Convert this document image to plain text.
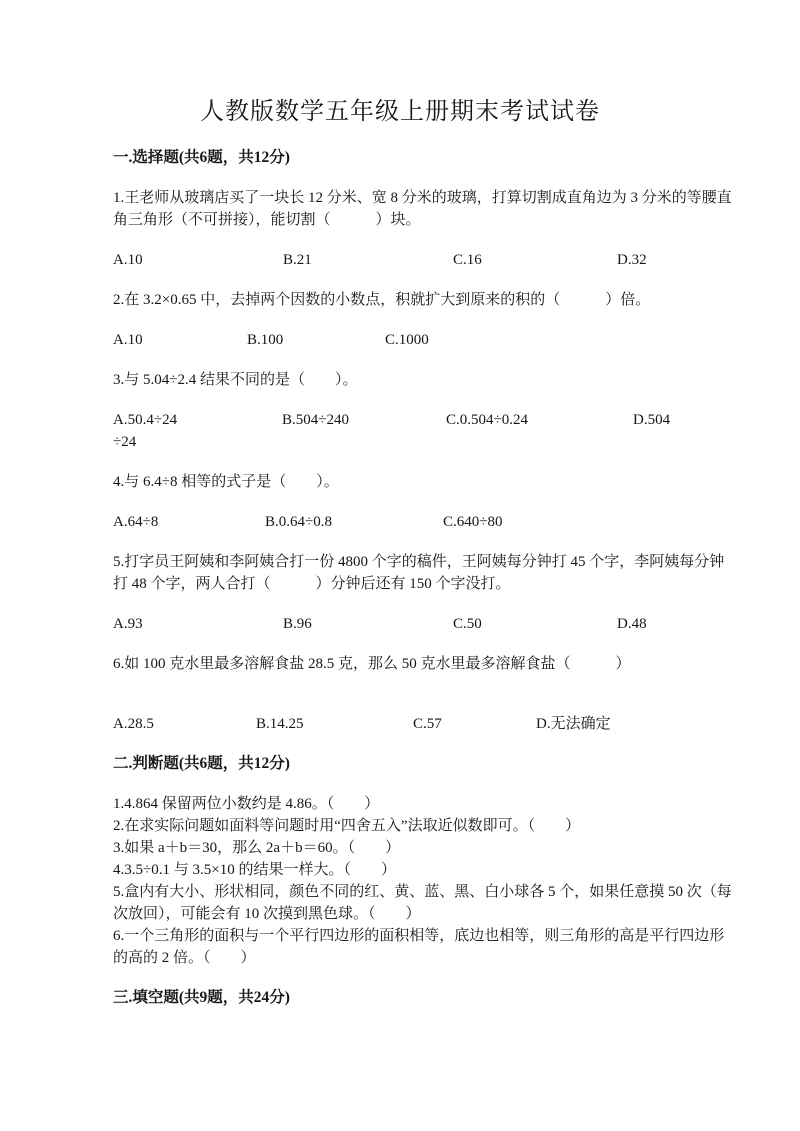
人教版数学五年级上册期末考试试卷
一.选择题(共6题，共12分)

1.王老师从玻璃店买了一块长 12 分米、宽 8 分米的玻璃，打算切割成直角边为 3 分米的等腰直角三角形（不可拼接），能切割（　　　）块。

A.10	B.21	C.16	D.32

2.在 3.2×0.65 中，去掉两个因数的小数点，积就扩大到原来的积的（　　　）倍。

A.10	B.100	C.1000

3.与 5.04÷2.4 结果不同的是（　　）。

A.50.4÷24	B.504÷240	C.0.504÷0.24	D.504

÷24

4.与 6.4÷8 相等的式子是（　　）。

A.64÷8	B.0.64÷0.8	C.640÷80

5.打字员王阿姨和李阿姨合打一份 4800 个字的稿件，王阿姨每分钟打 45 个字，李阿姨每分钟打 48 个字，两人合打（　　　）分钟后还有 150 个字没打。

A.93	B.96	C.50	D.48

6.如 100 克水里最多溶解食盐 28.5 克，那么 50 克水里最多溶解食盐（　　　）

A.28.5	B.14.25	C.57	D.无法确定
二.判断题(共6题，共12分)

1.4.864 保留两位小数约是 4.86。（　　）

2.在求实际问题如面料等问题时用“四舍五入”法取近似数即可。（　　）

3.如果 a＋b＝30，那么 2a＋b＝60。（　　）

4.3.5÷0.1 与 3.5×10 的结果一样大。（　　）

5.盒内有大小、形状相同，颜色不同的红、黄、蓝、黑、白小球各 5 个，如果任意摸 50 次（每次放回），可能会有 10 次摸到黑色球。（　　）

6.一个三角形的面积与一个平行四边形的面积相等，底边也相等，则三角形的高是平行四边形的高的 2 倍。（　　）

三.填空题(共9题，共24分)
